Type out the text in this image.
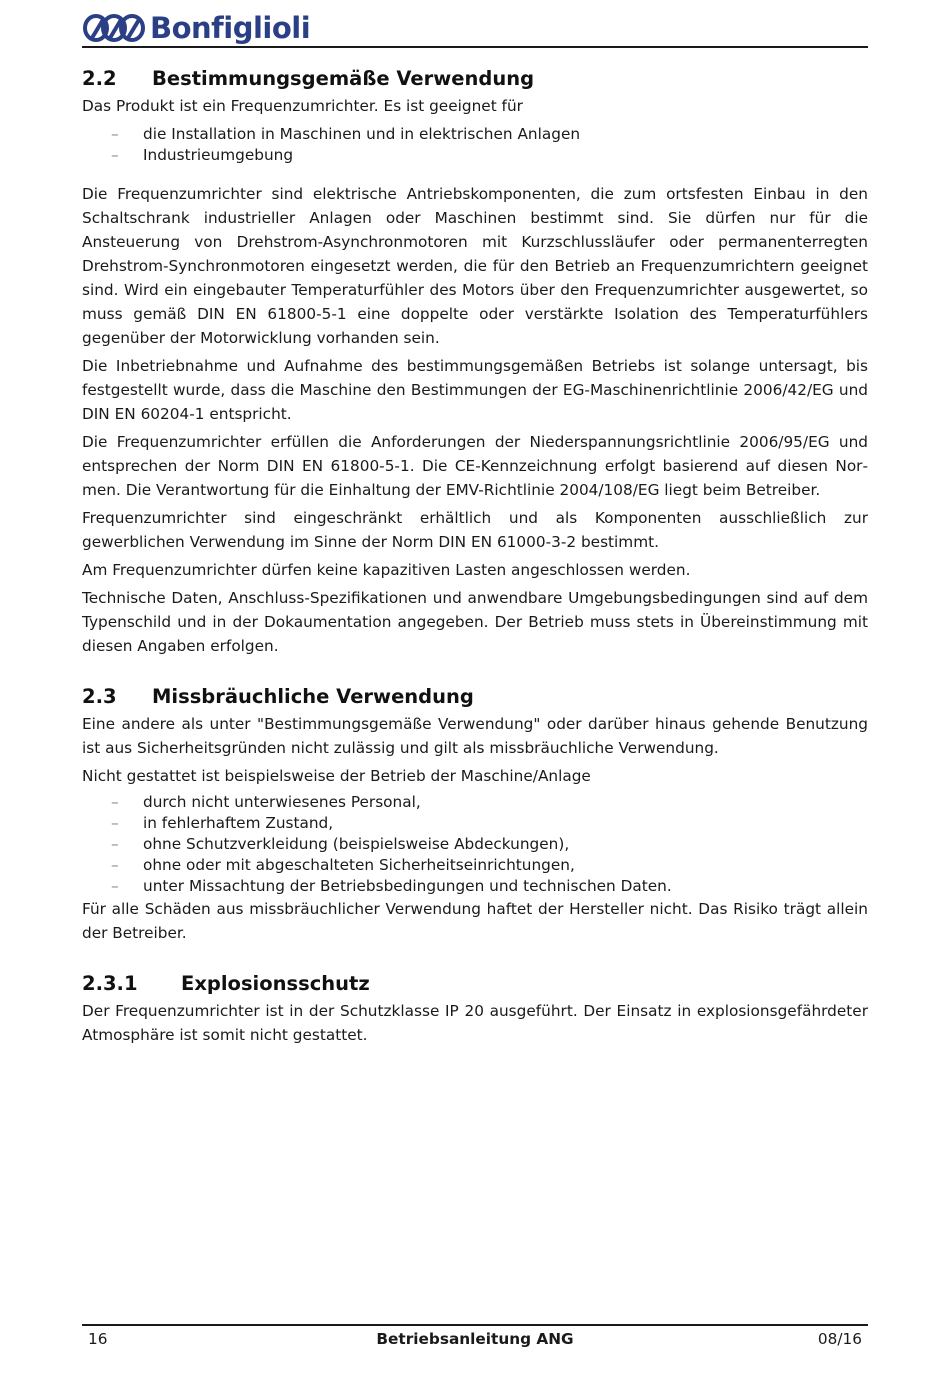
Bonfiglioli
2.2 Bestimmungsgemäße Verwendung

Das Produkt ist ein Frequenzumrichter. Es ist geeignet für

– die Installation in Maschinen und in elektrischen Anlagen
– Industrieumgebung

Die Frequenzumrichter sind elektrische Antriebskomponenten, die zum ortsfesten Einbau in den Schaltschrank industrieller Anlagen oder Maschinen bestimmt sind. Sie dürfen nur für die Ansteuerung von Drehstrom-Asynchronmotoren mit Kurzschlussläufer oder permanenterregten Drehstrom-Synchronmotoren eingesetzt werden, die für den Betrieb an Frequenzumrichtern geeignet sind. Wird ein eingebauter Temperaturfühler des Motors über den Frequenzumrichter ausgewertet, so muss gemäß DIN EN 61800-5-1 eine doppelte oder verstärkte Isolation des Temperaturfühlers gegenüber der Motorwicklung vorhanden sein.

Die Inbetriebnahme und Aufnahme des bestimmungsgemäßen Betriebs ist solange untersagt, bis festgestellt wurde, dass die Maschine den Bestimmungen der EG-Maschinenrichtlinie 2006/42/EG und DIN EN 60204-1 entspricht.

Die Frequenzumrichter erfüllen die Anforderungen der Niederspannungsrichtlinie 2006/95/EG und entsprechen der Norm DIN EN 61800-5-1. Die CE-Kennzeichnung erfolgt basierend auf diesen Normen. Die Verantwortung für die Einhaltung der EMV-Richtlinie 2004/108/EG liegt beim Betreiber.

Frequenzumrichter sind eingeschränkt erhältlich und als Komponenten ausschließlich zur gewerblichen Verwendung im Sinne der Norm DIN EN 61000-3-2 bestimmt.

Am Frequenzumrichter dürfen keine kapazitiven Lasten angeschlossen werden.

Technische Daten, Anschluss-Spezifikationen und anwendbare Umgebungsbedingungen sind auf dem Typenschild und in der Dokaumentation angegeben. Der Betrieb muss stets in Übereinstimmung mit diesen Angaben erfolgen.

2.3 Missbräuchliche Verwendung

Eine andere als unter "Bestimmungsgemäße Verwendung" oder darüber hinaus gehende Benutzung ist aus Sicherheitsgründen nicht zulässig und gilt als missbräuchliche Verwendung.

Nicht gestattet ist beispielsweise der Betrieb der Maschine/Anlage

– durch nicht unterwiesenes Personal,
– in fehlerhaftem Zustand,
– ohne Schutzverkleidung (beispielsweise Abdeckungen),
– ohne oder mit abgeschalteten Sicherheitseinrichtungen,
– unter Missachtung der Betriebsbedingungen und technischen Daten.

Für alle Schäden aus missbräuchlicher Verwendung haftet der Hersteller nicht. Das Risiko trägt allein der Betreiber.

2.3.1 Explosionsschutz

Der Frequenzumrichter ist in der Schutzklasse IP 20 ausgeführt. Der Einsatz in explosionsgefährdeter Atmosphäre ist somit nicht gestattet.

16	Betriebsanleitung ANG	08/16
